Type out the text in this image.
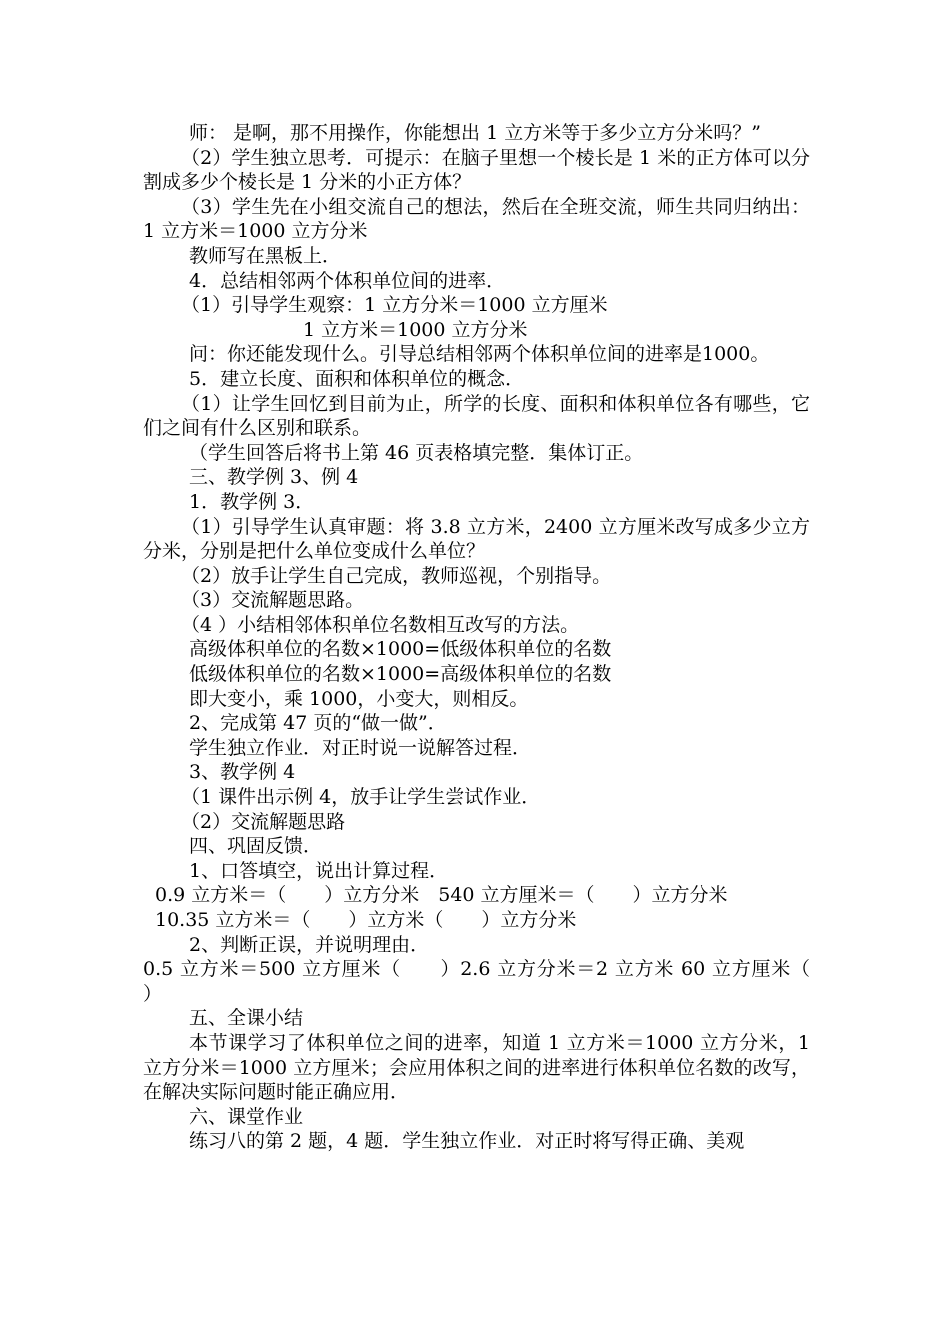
师： 是啊，那不用操作，你能想出 1 立方米等于多少立方分米吗？”

（2）学生独立思考．可提示：在脑子里想一个棱长是 1 米的正方体可以分割成多少个棱长是 1 分米的小正方体？

（3）学生先在小组交流自己的想法，然后在全班交流，师生共同归纳出：1 立方米＝1000 立方分米

教师写在黑板上．

4．总结相邻两个体积单位间的进率．

（1）引导学生观察：1 立方分米＝1000 立方厘米

1 立方米＝1000 立方分米

问：你还能发现什么。引导总结相邻两个体积单位间的进率是1000。

5．建立长度、面积和体积单位的概念．

（1）让学生回忆到目前为止，所学的长度、面积和体积单位各有哪些，它们之间有什么区别和联系。

（学生回答后将书上第 46 页表格填完整．集体订正。

三、教学例 3、例 4

1．教学例 3．

（1）引导学生认真审题：将 3.8 立方米，2400 立方厘米改写成多少立方分米，分别是把什么单位变成什么单位？

（2）放手让学生自己完成，教师巡视，个别指导。

（3）交流解题思路。

（4 ）小结相邻体积单位名数相互改写的方法。

高级体积单位的名数×1000=低级体积单位的名数

低级体积单位的名数×1000=高级体积单位的名数

即大变小，乘 1000，小变大，则相反。

2、完成第 47 页的“做一做”．

学生独立作业．对正时说一说解答过程．

3、教学例 4

（1 课件出示例 4，放手让学生尝试作业．

（2）交流解题思路

四、巩固反馈．

1、口答填空，说出计算过程．

0.9 立方米＝（　　）立方分米　540 立方厘米＝（　　）立方分米

10.35 立方米＝（　　）立方米（　　）立方分米

2、判断正误，并说明理由．

0.5 立方米＝500 立方厘米（　　）2.6 立方分米＝2 立方米 60 立方厘米（　　）

五、全课小结

本节课学习了体积单位之间的进率，知道 1 立方米＝1000 立方分米，1 立方分米＝1000 立方厘米；会应用体积之间的进率进行体积单位名数的改写，在解决实际问题时能正确应用．

六、课堂作业

练习八的第 2 题，4 题．学生独立作业．对正时将写得正确、美观
